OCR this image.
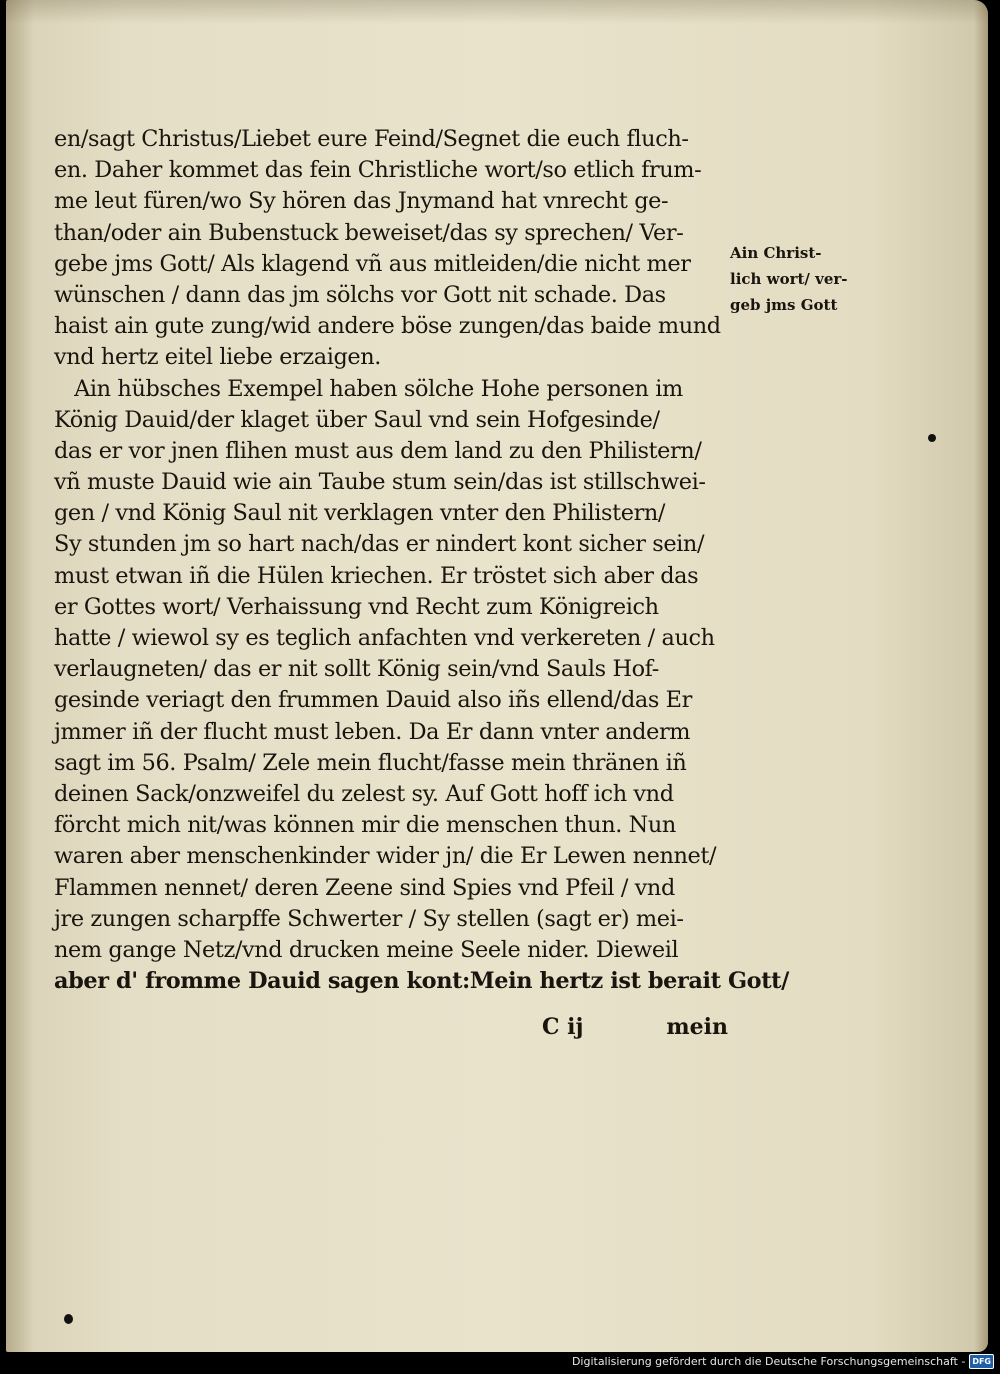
en/sagt Christus/Liebet eure Feind/Segnet die euch fluch-
en. Daher kommet das fein Christliche wort/so etlich frum-
me leut füren/wo Sy hören das Jnymand hat vnrecht ge-
than/oder ain Bubenstuck beweiset/das sy sprechen/ Ver-
gebe jms Gott/ Als klagend vñ aus mitleiden/die nicht mer
wünschen / dann das jm sölchs vor Gott nit schade. Das
haist ain gute zung/wid andere böse zungen/das baide mund
vnd hertz eitel liebe erzaigen.
Ain hübsches Exempel haben sölche Hohe personen im
König Dauid/der klaget über Saul vnd sein Hofgesinde/
das er vor jnen flihen must aus dem land zu den Philistern/
vñ muste Dauid wie ain Taube stum sein/das ist stillschwei-
gen / vnd König Saul nit verklagen vnter den Philistern/
Sy stunden jm so hart nach/das er nindert kont sicher sein/
must etwan iñ die Hülen kriechen. Er tröstet sich aber das
er Gottes wort/ Verhaissung vnd Recht zum Königreich
hatte / wiewol sy es teglich anfachten vnd verkereten / auch
verlaugneten/ das er nit sollt König sein/vnd Sauls Hof-
gesinde veriagt den frummen Dauid also iñs ellend/das Er
jmmer iñ der flucht must leben. Da Er dann vnter anderm
sagt im 56. Psalm/ Zele mein flucht/fasse mein thränen iñ
deinen Sack/onzweifel du zelest sy. Auf Gott hoff ich vnd
förcht mich nit/was können mir die menschen thun. Nun
waren aber menschenkinder wider jn/ die Er Lewen nennet/
Flammen nennet/ deren Zeene sind Spies vnd Pfeil / vnd
jre zungen scharpffe Schwerter / Sy stellen (sagt er) mei-
nem gange Netz/vnd drucken meine Seele nider. Dieweil
aber d' fromme Dauid sagen kont:Mein hertz ist berait Gott/
C ij	mein
Ain Christ-
lich wort/ ver-
geb jms Gott
Digitalisierung gefördert durch die Deutsche Forschungsgemeinschaft - DFG
